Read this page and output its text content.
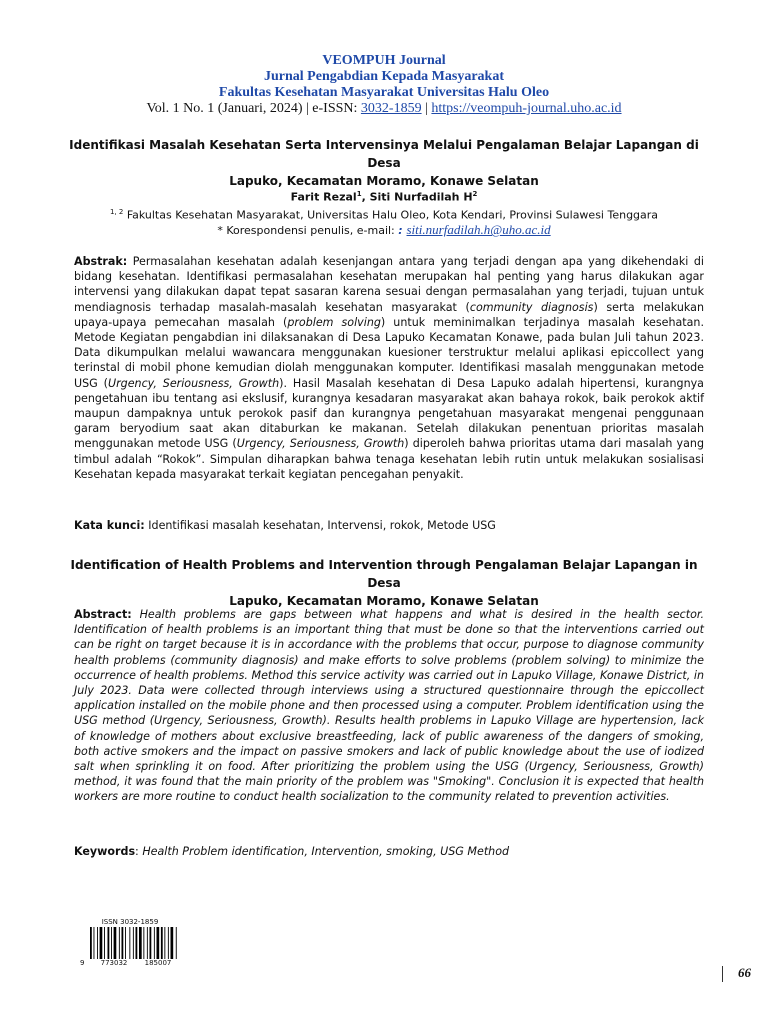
VEOMPUH Journal
Jurnal Pengabdian Kepada Masyarakat
Fakultas Kesehatan Masyarakat Universitas Halu Oleo
Vol. 1 No. 1 (Januari, 2024) | e-ISSN: 3032-1859 | https://veompuh-journal.uho.ac.id
Identifikasi Masalah Kesehatan Serta Intervensinya Melalui Pengalaman Belajar Lapangan di Desa
Lapuko, Kecamatan Moramo, Konawe Selatan
Farit Rezal$^1$, Siti Nurfadilah $H^2$
$^{1, 2}$ Fakultas Kesehatan Masyarakat, Universitas Halu Oleo, Kota Kendari, Provinsi Sulawesi Tenggara
* Korespondensi penulis, e-mail: : siti.nurfadilah.h@uho.ac.id
Abstrak: Permasalahan kesehatan adalah kesenjangan antara yang terjadi dengan apa yang dikehendaki di bidang kesehatan. Identifikasi permasalahan kesehatan merupakan hal penting yang harus dilakukan agar intervensi yang dilakukan dapat tepat sasaran karena sesuai dengan permasalahan yang terjadi, tujuan untuk mendiagnosis terhadap masalah-masalah kesehatan masyarakat (community diagnosis) serta melakukan upaya-upaya pemecahan masalah (problem solving) untuk meminimalkan terjadinya masalah kesehatan. Metode Kegiatan pengabdian ini dilaksanakan di Desa Lapuko Kecamatan Konawe, pada bulan Juli tahun 2023. Data dikumpulkan melalui wawancara menggunakan kuesioner terstruktur melalui aplikasi epiccollect yang terinstal di mobil phone kemudian diolah menggunakan komputer. Identifikasi masalah menggunakan metode USG (Urgency, Seriousness, Growth). Hasil Masalah kesehatan di Desa Lapuko adalah hipertensi, kurangnya pengetahuan ibu tentang asi ekslusif, kurangnya kesadaran masyarakat akan bahaya rokok, baik perokok aktif maupun dampaknya untuk perokok pasif dan kurangnya pengetahuan masyarakat mengenai penggunaan garam beryodium saat akan ditaburkan ke makanan. Setelah dilakukan penentuan prioritas masalah menggunakan metode USG (Urgency, Seriousness, Growth) diperoleh bahwa prioritas utama dari masalah yang timbul adalah “Rokok”. Simpulan diharapkan bahwa tenaga kesehatan lebih rutin untuk melakukan sosialisasi Kesehatan kepada masyarakat terkait kegiatan pencegahan penyakit.
Kata kunci: Identifikasi masalah kesehatan, Intervensi, rokok, Metode USG
Identification of Health Problems and Intervention through Pengalaman Belajar Lapangan in Desa
Lapuko, Kecamatan Moramo, Konawe Selatan
Abstract: Health problems are gaps between what happens and what is desired in the health sector. Identification of health problems is an important thing that must be done so that the interventions carried out can be right on target because it is in accordance with the problems that occur, purpose to diagnose community health problems (community diagnosis) and make efforts to solve problems (problem solving) to minimize the occurrence of health problems. Method this service activity was carried out in Lapuko Village, Konawe District, in July 2023. Data were collected through interviews using a structured questionnaire through the epiccollect application installed on the mobile phone and then processed using a computer. Problem identification using the USG method (Urgency, Seriousness, Growth). Results health problems in Lapuko Village are hypertension, lack of knowledge of mothers about exclusive breastfeeding, lack of public awareness of the dangers of smoking, both active smokers and the impact on passive smokers and lack of public knowledge about the use of iodized salt when sprinkling it on food. After prioritizing the problem using the USG (Urgency, Seriousness, Growth) method, it was found that the main priority of the problem was "Smoking". Conclusion it is expected that health workers are more routine to conduct health socialization to the community related to prevention activities.
Keywords: Health Problem identification, Intervention, smoking, USG Method
ISSN 3032-1859
9	773032	185007
66
